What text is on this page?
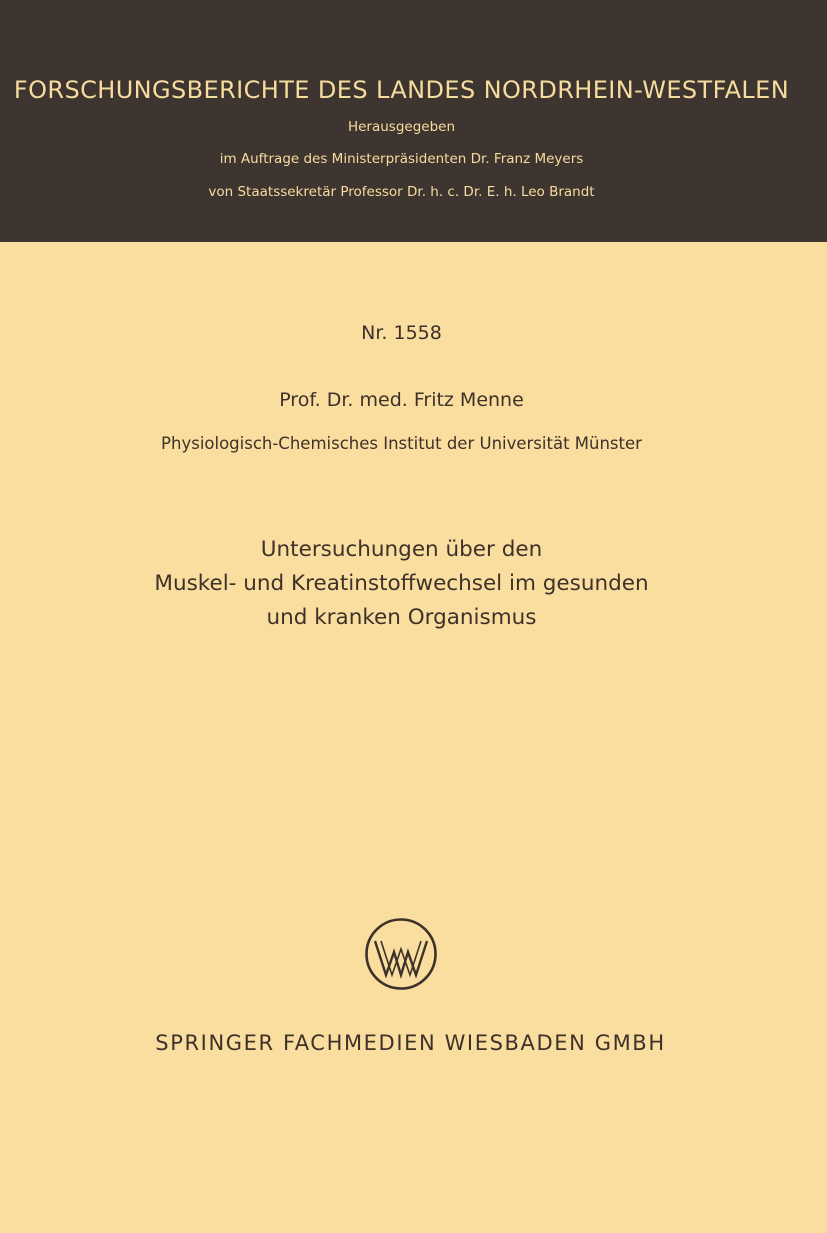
FORSCHUNGSBERICHTE DES LANDES NORDRHEIN-WESTFALEN
Herausgegeben
im Auftrage des Ministerpräsidenten Dr. Franz Meyers
von Staatssekretär Professor Dr. h. c. Dr. E. h. Leo Brandt
Nr. 1558
Prof. Dr. med. Fritz Menne
Physiologisch-Chemisches Institut der Universität Münster
Untersuchungen über den
Muskel- und Kreatinstoffwechsel im gesunden
und kranken Organismus
SPRINGER FACHMEDIEN WIESBADEN GMBH
